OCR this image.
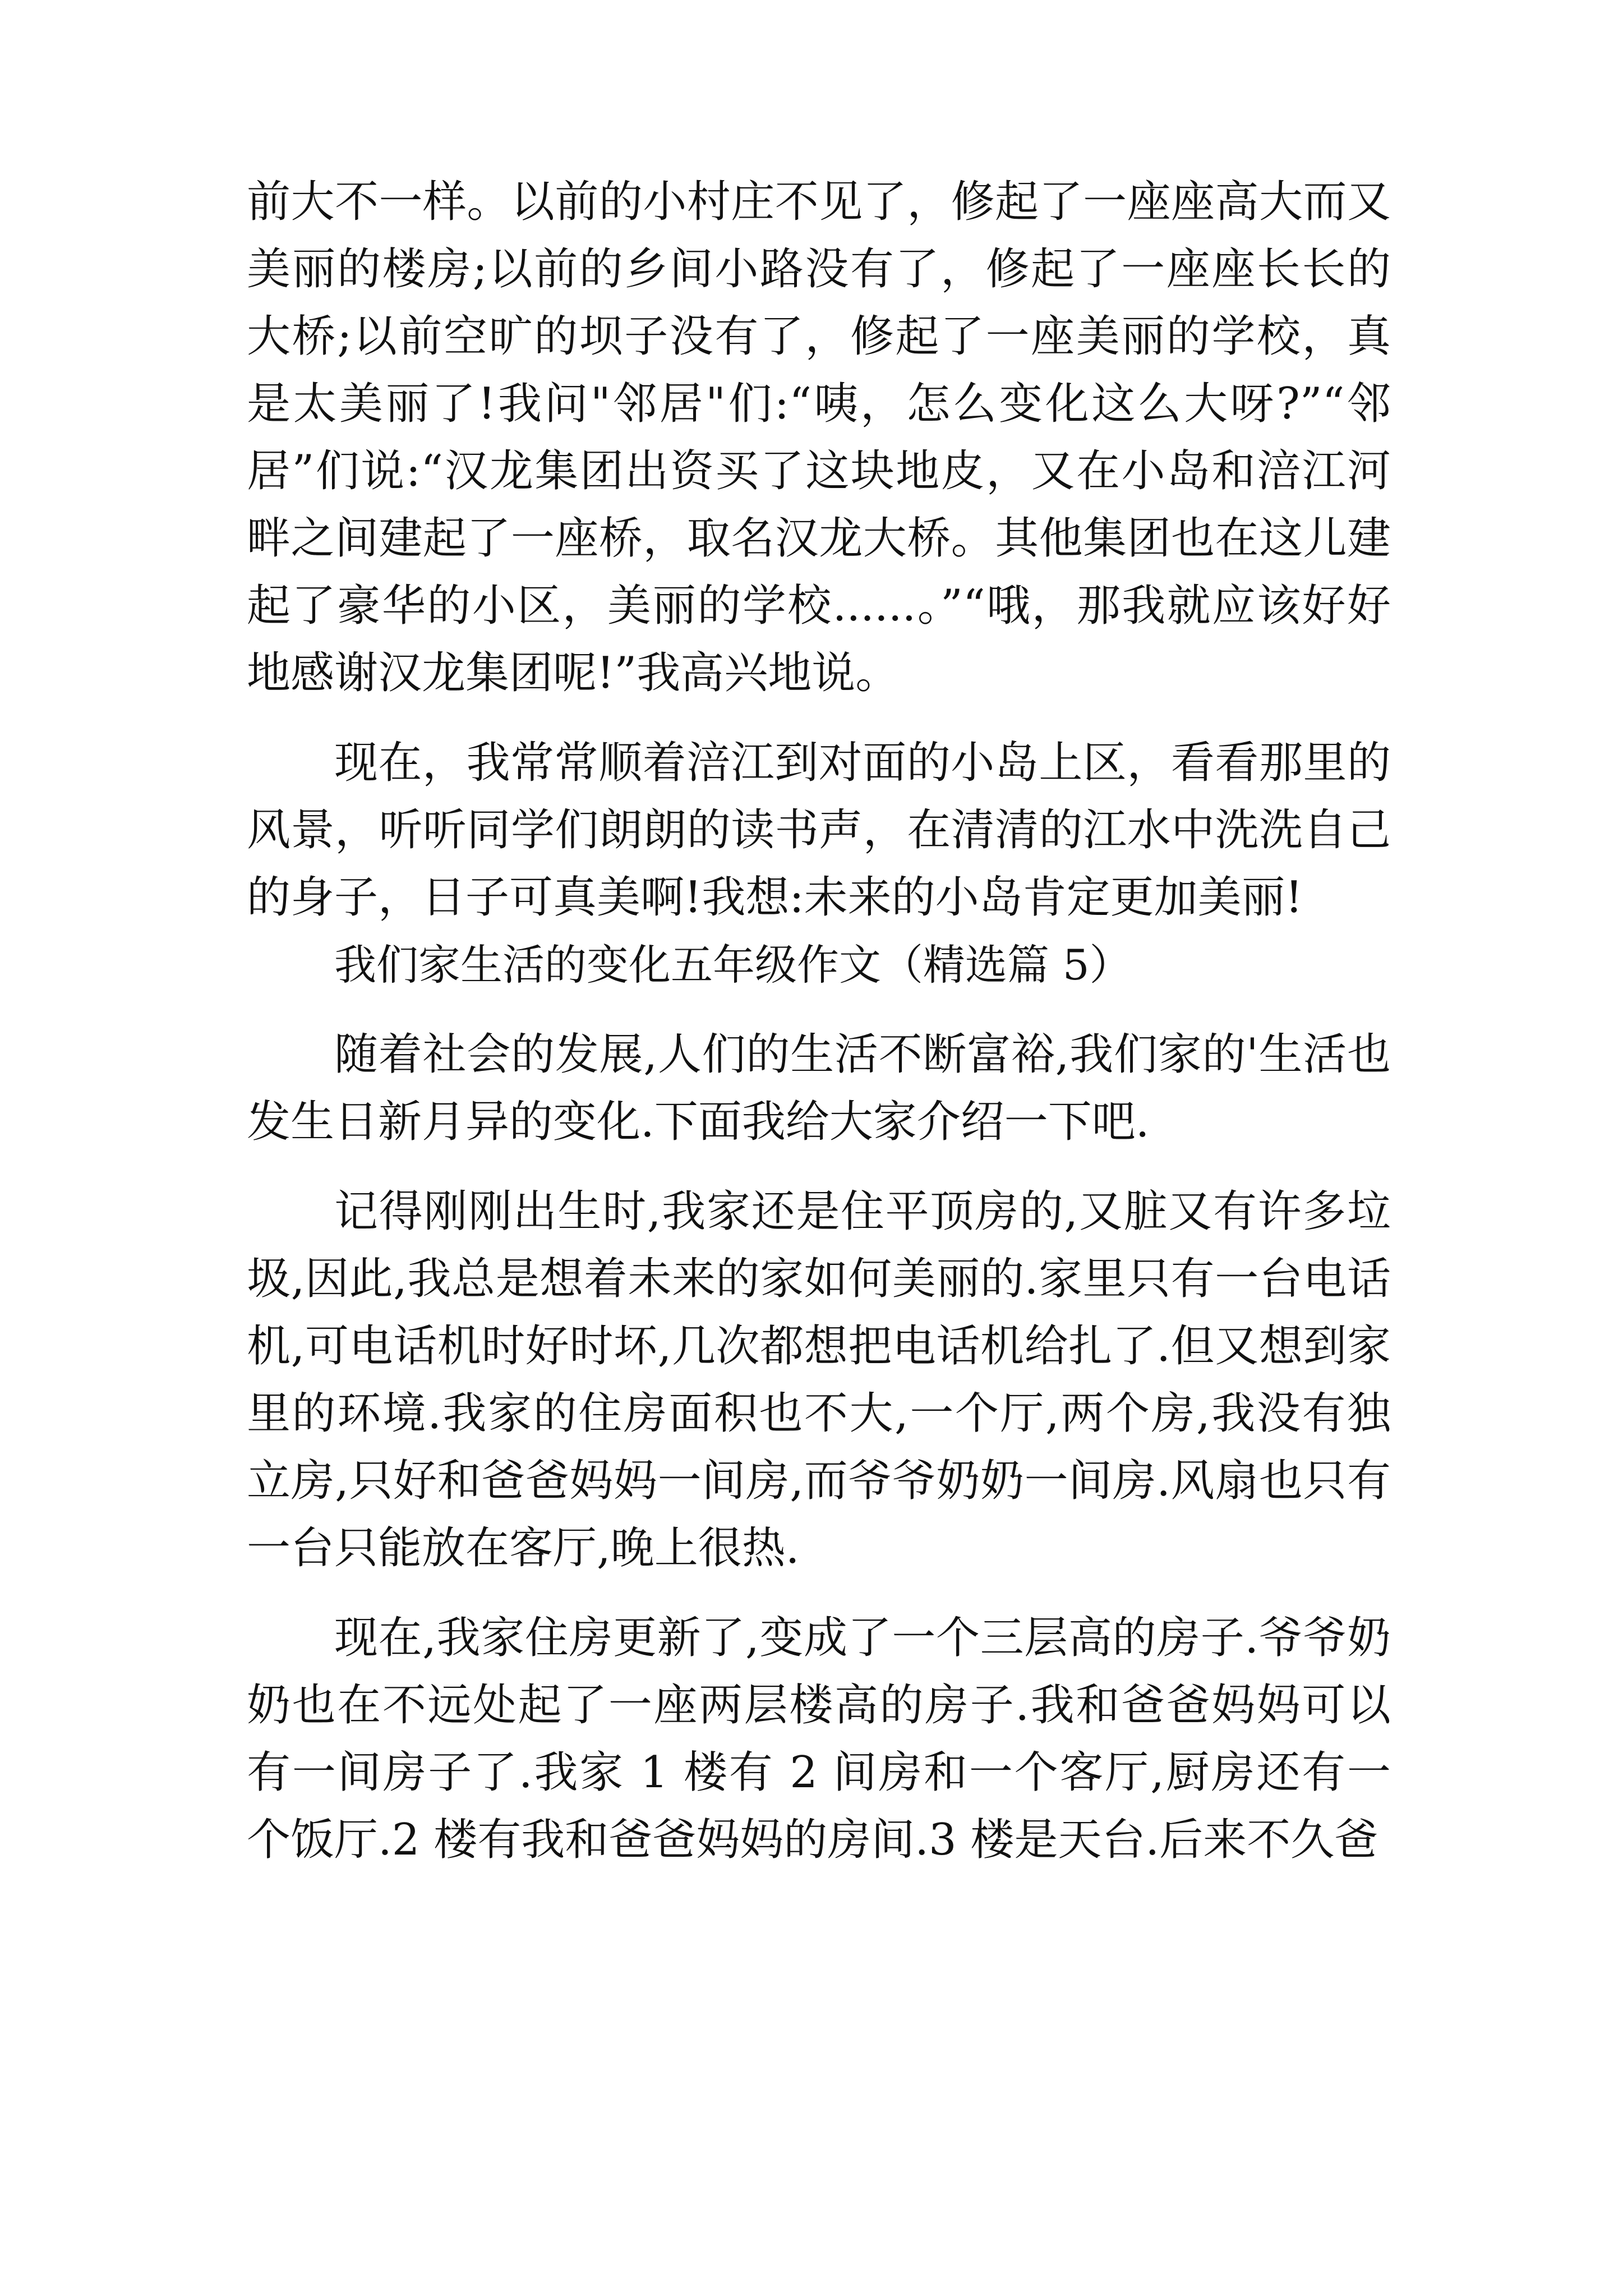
前大不一样。以前的小村庄不见了，修起了一座座高大而又美丽的楼房;以前的乡间小路没有了，修起了一座座长长的大桥;以前空旷的坝子没有了，修起了一座美丽的学校，真是太美丽了!我问"邻居"们:“咦，怎么变化这么大呀?”“邻居”们说:“汉龙集团出资买了这块地皮，又在小岛和涪江河畔之间建起了一座桥，取名汉龙大桥。其他集团也在这儿建起了豪华的小区，美丽的学校......。”“哦，那我就应该好好地感谢汉龙集团呢!”我高兴地说。

现在，我常常顺着涪江到对面的小岛上区，看看那里的风景，听听同学们朗朗的读书声，在清清的江水中洗洗自己的身子，日子可真美啊!我想:未来的小岛肯定更加美丽!

我们家生活的变化五年级作文（精选篇 5）

随着社会的发展,人们的生活不断富裕,我们家的'生活也发生日新月异的变化.下面我给大家介绍一下吧.

记得刚刚出生时,我家还是住平顶房的,又脏又有许多垃圾,因此,我总是想着未来的家如何美丽的.家里只有一台电话机,可电话机时好时坏,几次都想把电话机给扎了.但又想到家里的环境.我家的住房面积也不大,一个厅,两个房,我没有独立房,只好和爸爸妈妈一间房,而爷爷奶奶一间房.风扇也只有一台只能放在客厅,晚上很热.

现在,我家住房更新了,变成了一个三层高的房子.爷爷奶奶也在不远处起了一座两层楼高的房子.我和爸爸妈妈可以有一间房子了.我家 1 楼有 2 间房和一个客厅,厨房还有一个饭厅.2 楼有我和爸爸妈妈的房间.3 楼是天台.后来不久爸
